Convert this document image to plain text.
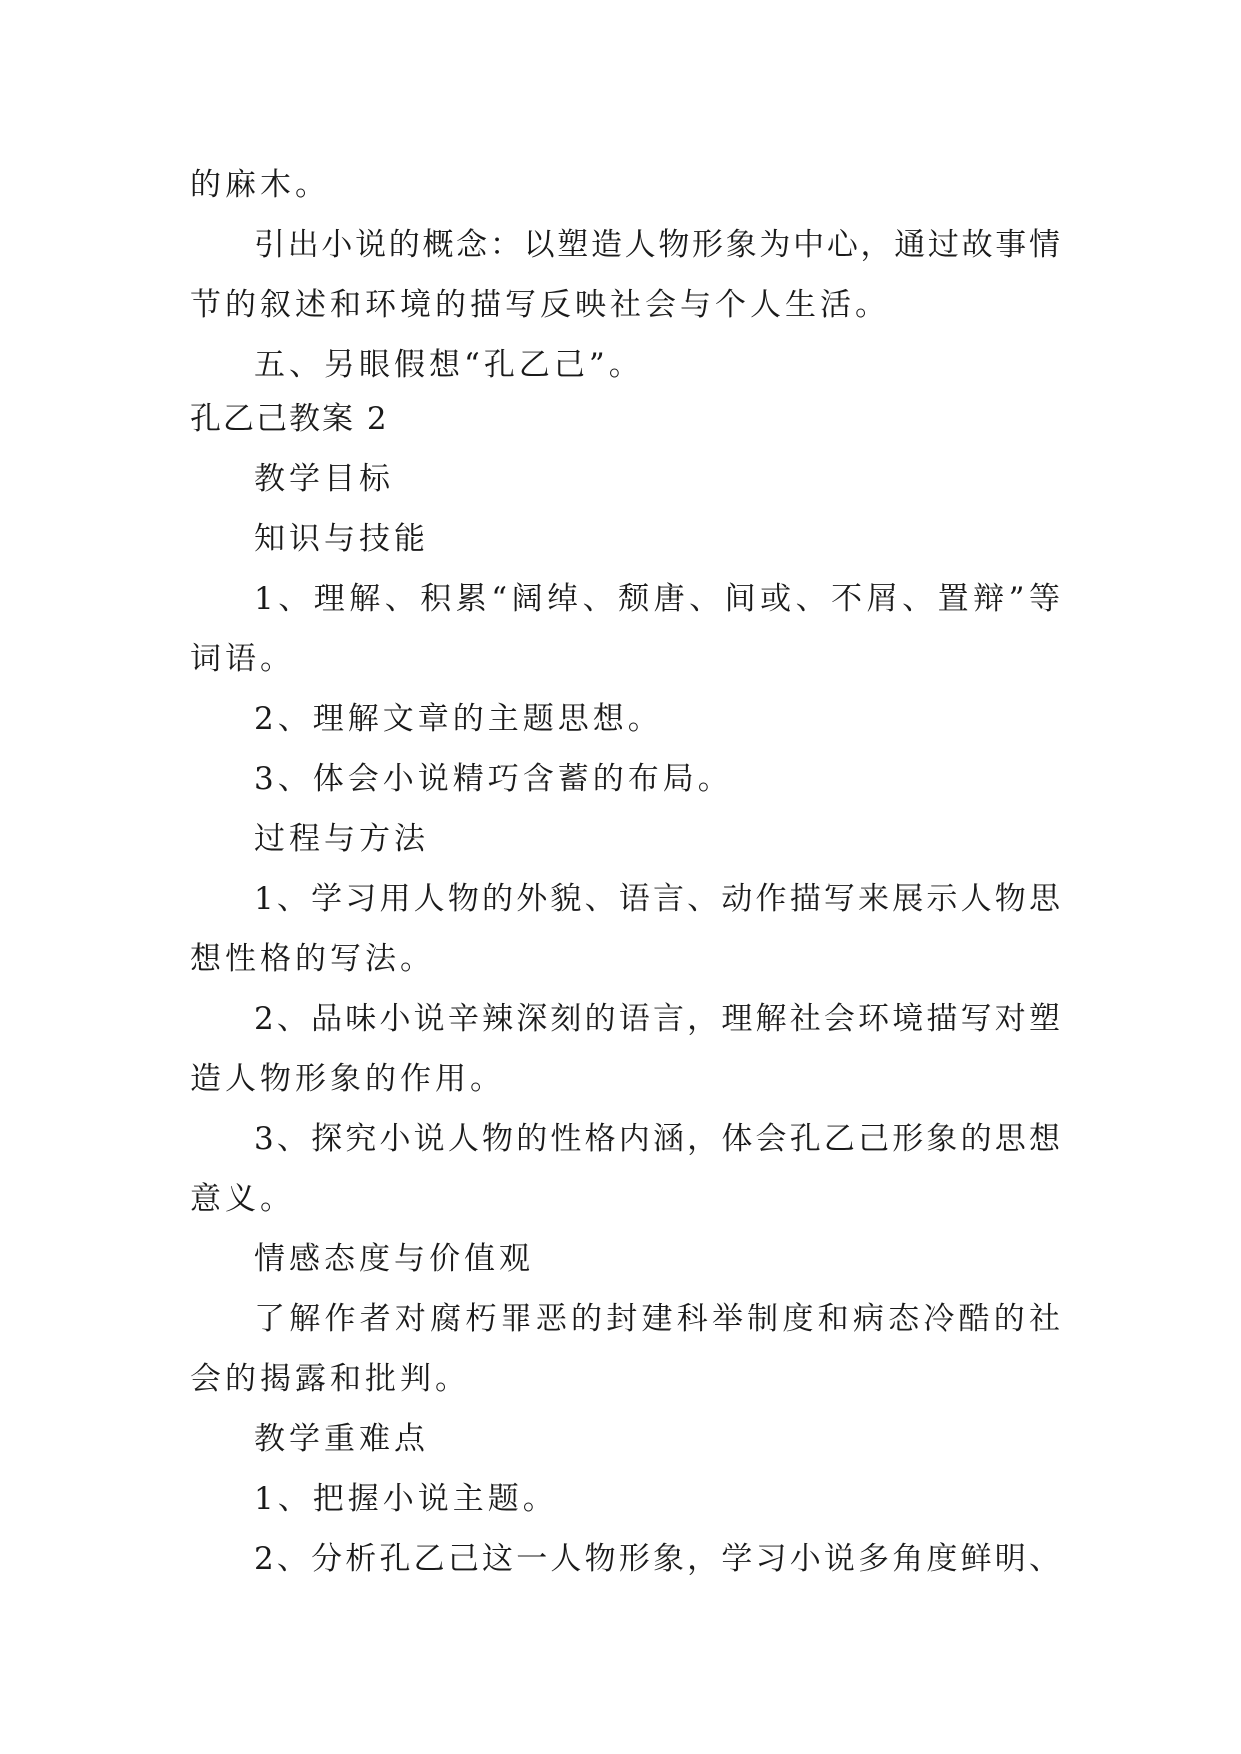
的麻木。
引出小说的概念：以塑造人物形象为中心，通过故事情
节的叙述和环境的描写反映社会与个人生活。
五、另眼假想“孔乙己”。
孔乙己教案 2
教学目标
知识与技能
1、理解、积累“阔绰、颓唐、间或、不屑、置辩”等
词语。
2、理解文章的主题思想。
3、体会小说精巧含蓄的布局。
过程与方法
1、学习用人物的外貌、语言、动作描写来展示人物思
想性格的写法。
2、品味小说辛辣深刻的语言，理解社会环境描写对塑
造人物形象的作用。
3、探究小说人物的性格内涵，体会孔乙己形象的思想
意义。
情感态度与价值观
了解作者对腐朽罪恶的封建科举制度和病态冷酷的社
会的揭露和批判。
教学重难点
1、把握小说主题。
2、分析孔乙己这一人物形象，学习小说多角度鲜明、
